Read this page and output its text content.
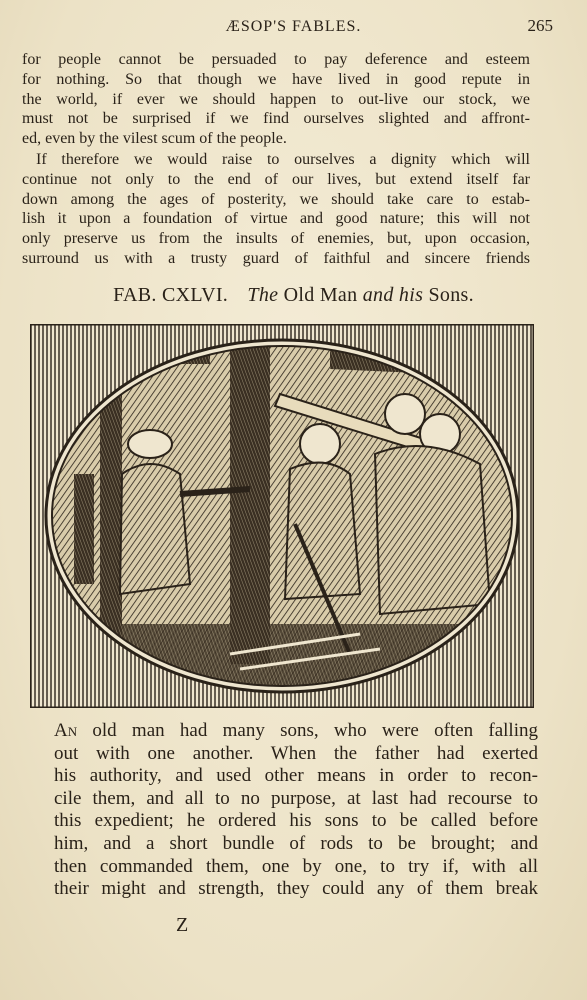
ÆSOP'S FABLES.	265
for people cannot be persuaded to pay deference and esteem
for nothing. So that though we have lived in good repute in
the world, if ever we should happen to out-live our stock, we
must not be surprised if we find ourselves slighted and affront-
ed, even by the vilest scum of the people.
If therefore we would raise to ourselves a dignity which will
continue not only to the end of our lives, but extend itself far
down among the ages of posterity, we should take care to estab-
lish it upon a foundation of virtue and good nature; this will not
only preserve us from the insults of enemies, but, upon occasion,
surround us with a trusty guard of faithful and sincere friends
FAB. CXLVI. The Old Man and his Sons.
An old man had many sons, who were often falling
out with one another. When the father had exerted
his authority, and used other means in order to recon-
cile them, and all to no purpose, at last had recourse to
this expedient; he ordered his sons to be called before
him, and a short bundle of rods to be brought; and
then commanded them, one by one, to try if, with all
their might and strength, they could any of them break
Z
